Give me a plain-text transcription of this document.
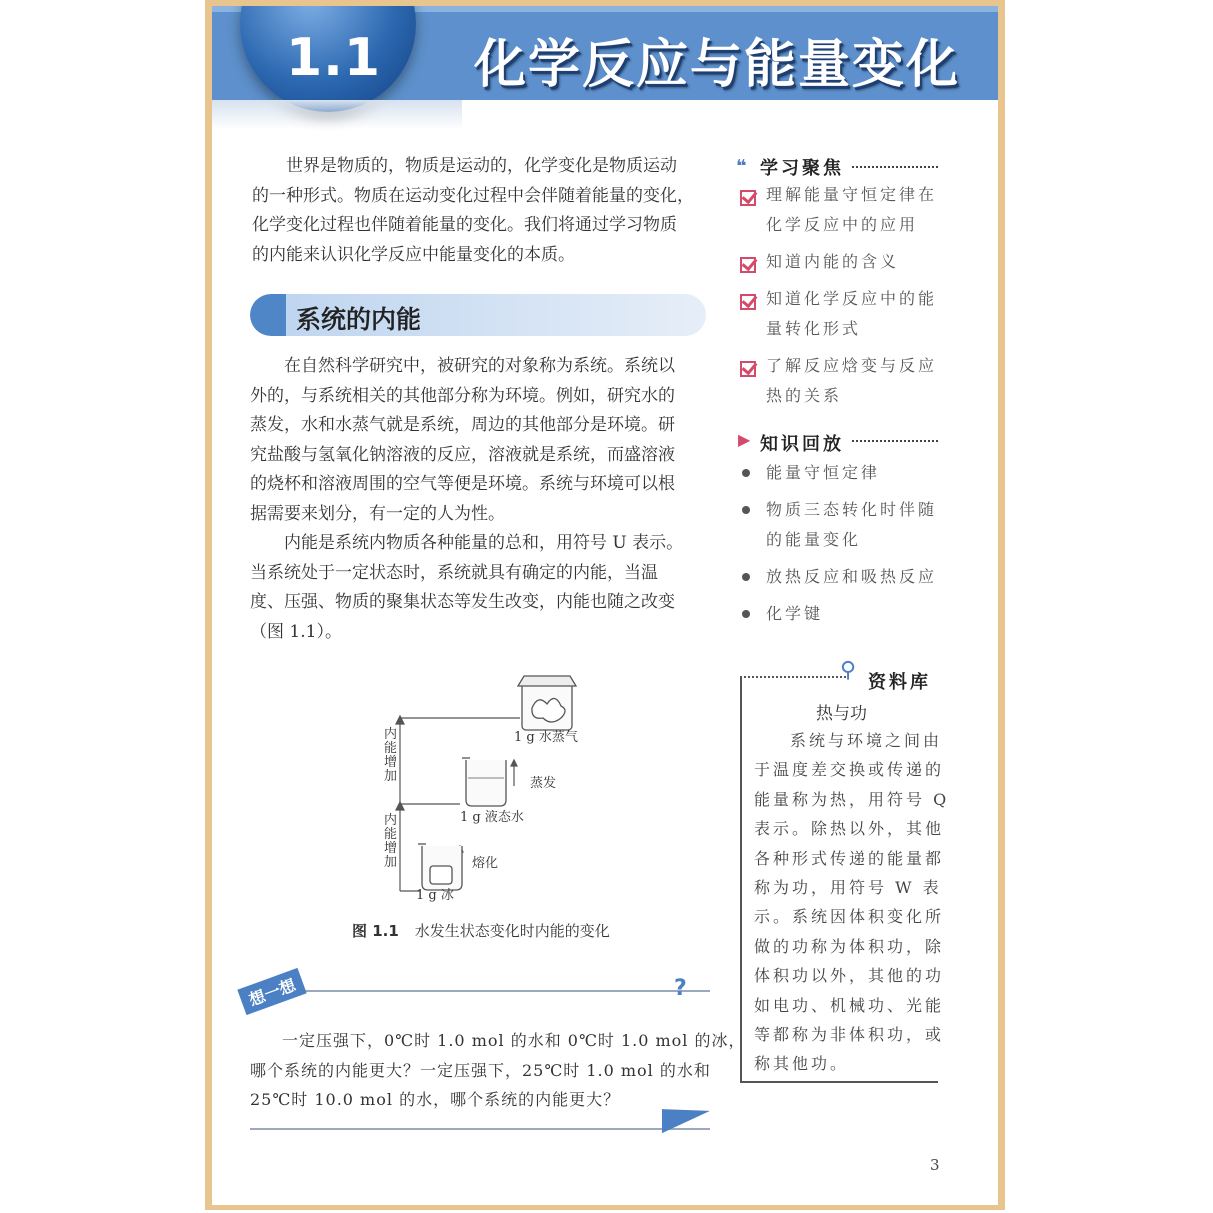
1.1 化学反应与能量变化

世界是物质的，物质是运动的，化学变化是物质运动
的一种形式。物质在运动变化过程中会伴随着能量的变化，
化学变化过程也伴随着能量的变化。我们将通过学习物质
的内能来认识化学反应中能量变化的本质。

系统的内能

在自然科学研究中，被研究的对象称为系统。系统以
外的，与系统相关的其他部分称为环境。例如，研究水的
蒸发，水和水蒸气就是系统，周边的其他部分是环境。研
究盐酸与氢氧化钠溶液的反应，溶液就是系统，而盛溶液
的烧杯和溶液周围的空气等便是环境。系统与环境可以根
据需要来划分，有一定的人为性。

内能是系统内物质各种能量的总和，用符号 U 表示。
当系统处于一定状态时，系统就具有确定的内能，当温
度、压强、物质的聚集状态等发生改变，内能也随之改变
（图 1.1）。

1 g 水蒸气
1 g 液态水
1 g 冰
蒸发
熔化
内能增加
内能增加
图 1.1 水发生状态变化时内能的变化
想一想	?

一定压强下，0℃时 1.0 mol 的水和 0℃时 1.0 mol 的冰，
哪个系统的内能更大？一定压强下，25℃时 1.0 mol 的水和
25℃时 10.0 mol 的水，哪个系统的内能更大？

❝ 学习聚焦

理解能量守恒定律在
化学反应中的应用

知道内能的含义

知道化学反应中的能
量转化形式

了解反应焓变与反应
热的关系

▶ 知识回放

能量守恒定律

物质三态转化时伴随
的能量变化

放热反应和吸热反应

化学键

⚲ 资料库
热与功

系统与环境之间由
于温度差交换或传递的
能量称为热，用符号 Q
表示。除热以外，其他
各种形式传递的能量都
称为功，用符号 W 表
示。系统因体积变化所
做的功称为体积功，除
体积功以外，其他的功
如电功、机械功、光能
等都称为非体积功，或
称其他功。

3
